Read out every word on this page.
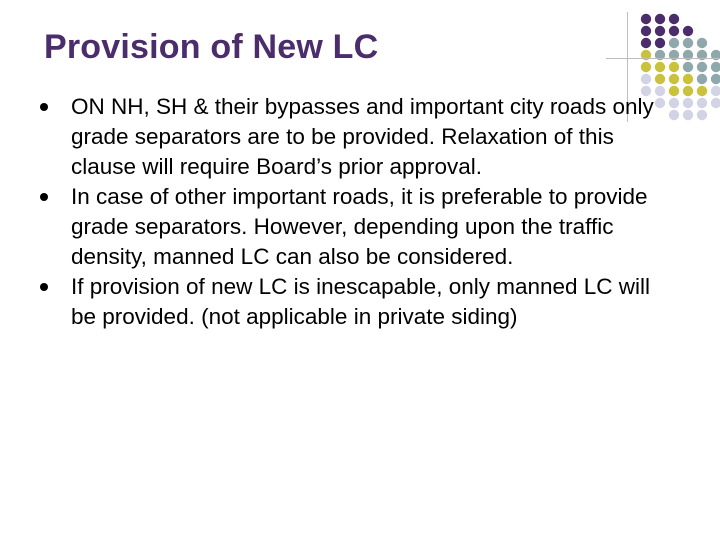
Provision of New LC
ON NH, SH & their bypasses and important city roads only grade separators are to be provided. Relaxation of this clause will require Board’s prior approval.
In case of other important roads, it is preferable to provide grade separators. However, depending upon the traffic density, manned LC can also be considered.
If provision of new LC is inescapable, only manned LC will be provided. (not applicable in private siding)
